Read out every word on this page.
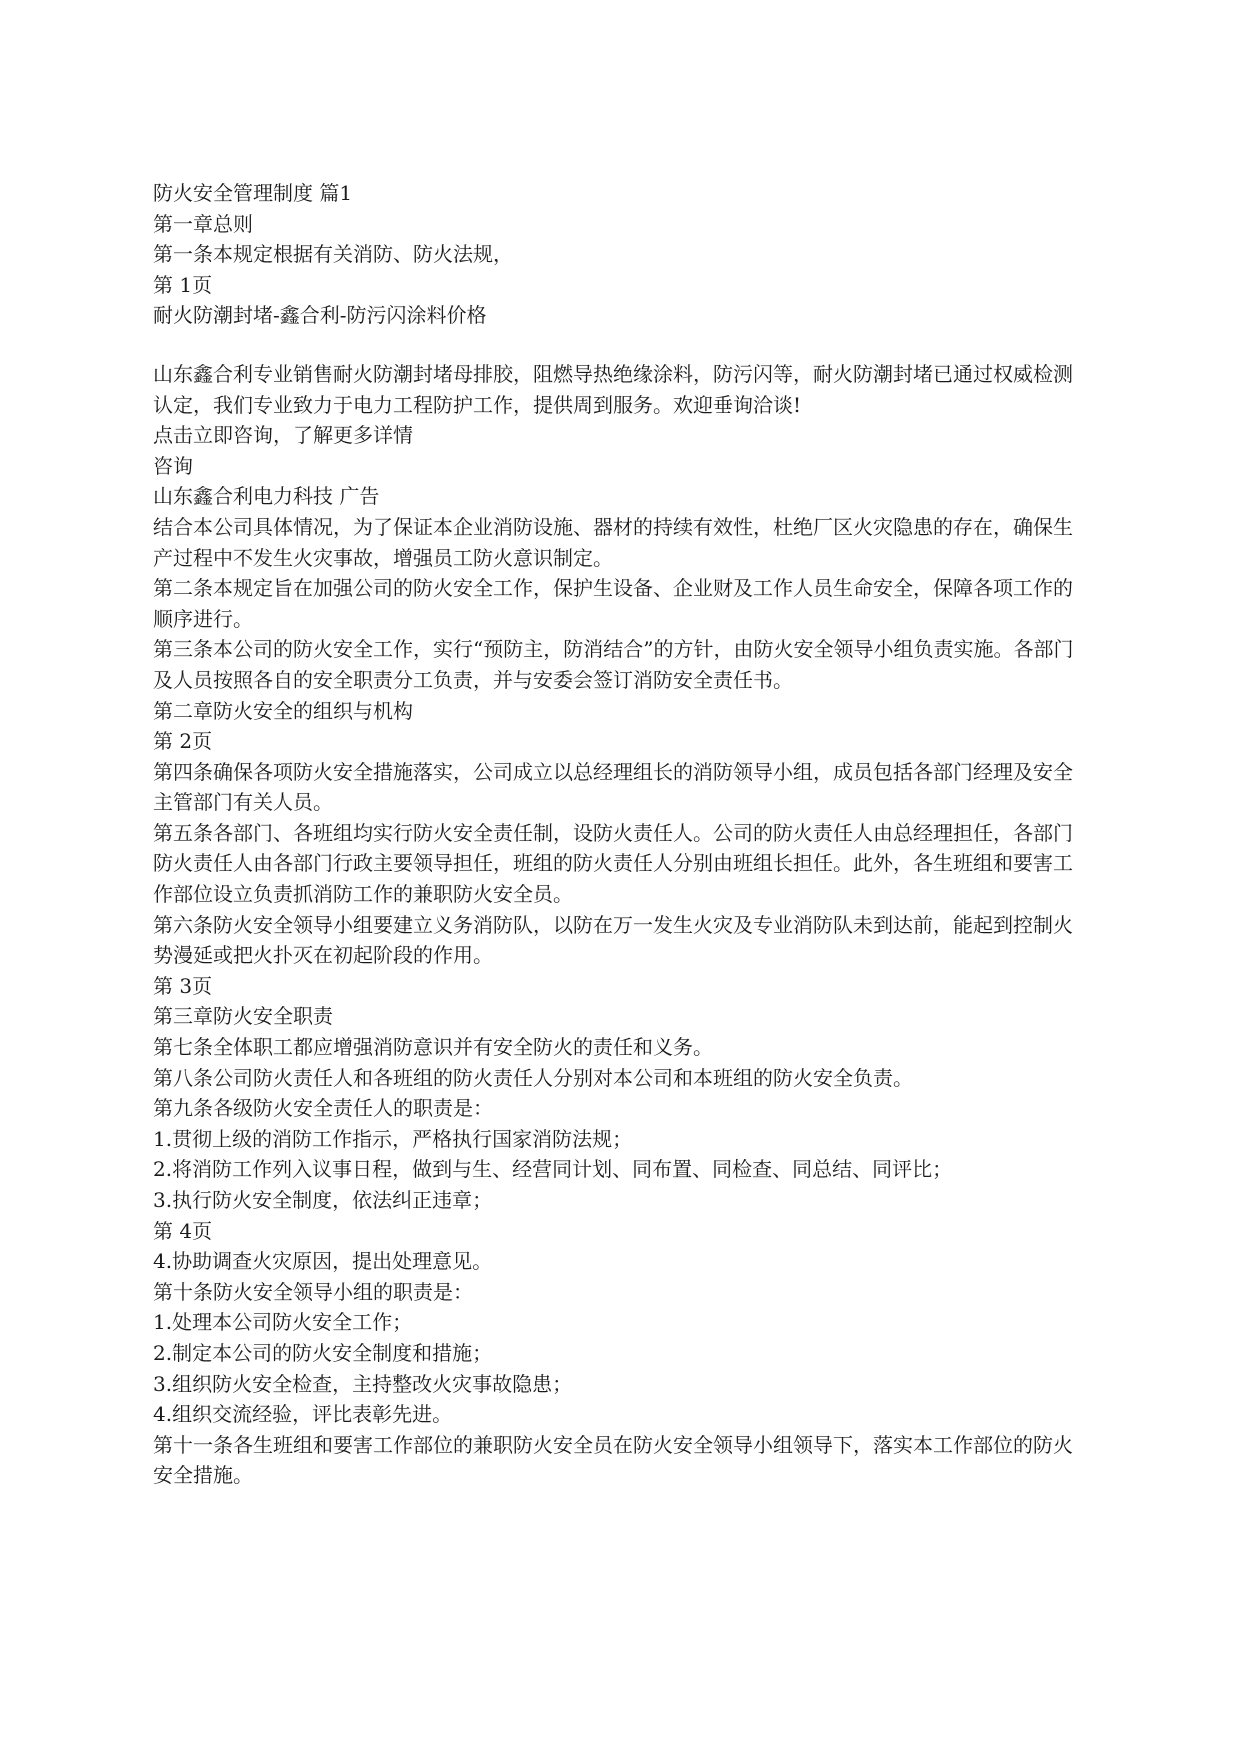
防火安全管理制度 篇1

第一章总则

第一条本规定根据有关消防、防火法规，

第 1页

耐火防潮封堵-鑫合利-防污闪涂料价格

山东鑫合利专业销售耐火防潮封堵母排胶，阻燃导热绝缘涂料，防污闪等，耐火防潮封堵已通过权威检测认定，我们专业致力于电力工程防护工作，提供周到服务。欢迎垂询洽谈!

点击立即咨询，了解更多详情

咨询

山东鑫合利电力科技 广告

结合本公司具体情况，为了保证本企业消防设施、器材的持续有效性，杜绝厂区火灾隐患的存在，确保生产过程中不发生火灾事故，增强员工防火意识制定。

第二条本规定旨在加强公司的防火安全工作，保护生设备、企业财及工作人员生命安全，保障各项工作的顺序进行。

第三条本公司的防火安全工作，实行“预防主，防消结合”的方针，由防火安全领导小组负责实施。各部门及人员按照各自的安全职责分工负责，并与安委会签订消防安全责任书。

第二章防火安全的组织与机构

第 2页

第四条确保各项防火安全措施落实，公司成立以总经理组长的消防领导小组，成员包括各部门经理及安全主管部门有关人员。

第五条各部门、各班组均实行防火安全责任制，设防火责任人。公司的防火责任人由总经理担任，各部门防火责任人由各部门行政主要领导担任，班组的防火责任人分别由班组长担任。此外，各生班组和要害工作部位设立负责抓消防工作的兼职防火安全员。

第六条防火安全领导小组要建立义务消防队，以防在万一发生火灾及专业消防队未到达前，能起到控制火势漫延或把火扑灭在初起阶段的作用。

第 3页

第三章防火安全职责

第七条全体职工都应增强消防意识并有安全防火的责任和义务。

第八条公司防火责任人和各班组的防火责任人分别对本公司和本班组的防火安全负责。

第九条各级防火安全责任人的职责是：

1.贯彻上级的消防工作指示，严格执行国家消防法规；

2.将消防工作列入议事日程，做到与生、经营同计划、同布置、同检查、同总结、同评比；

3.执行防火安全制度，依法纠正违章；

第 4页

4.协助调查火灾原因，提出处理意见。

第十条防火安全领导小组的职责是：

1.处理本公司防火安全工作；

2.制定本公司的防火安全制度和措施；

3.组织防火安全检查，主持整改火灾事故隐患；

4.组织交流经验，评比表彰先进。

第十一条各生班组和要害工作部位的兼职防火安全员在防火安全领导小组领导下，落实本工作部位的防火安全措施。
